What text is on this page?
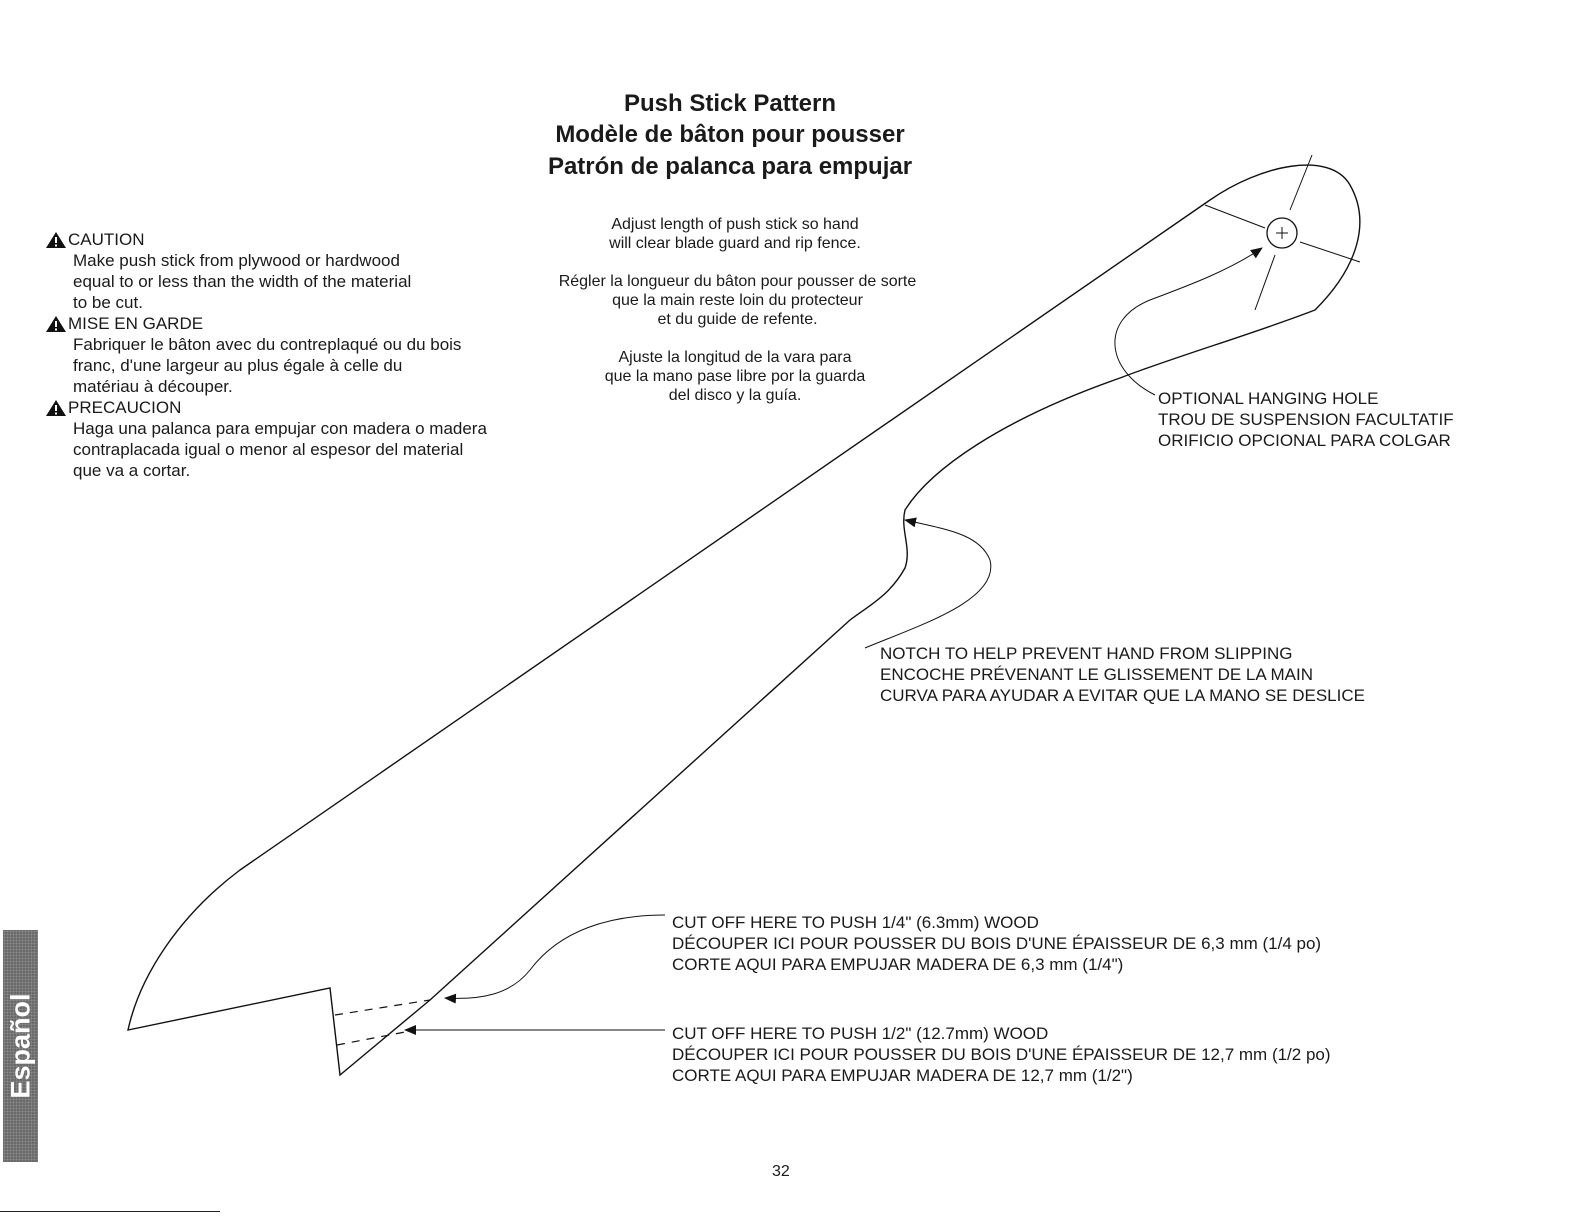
Push Stick Pattern
Modèle de bâton pour pousser
Patrón de palanca para empujar
CAUTION
Make push stick from plywood or hardwood
equal to or less than the width of the material
to be cut.
MISE EN GARDE
Fabriquer le bâton avec du contreplaqué ou du bois
franc, d'une largeur au plus égale à celle du
matériau à découper.
PRECAUCION
Haga una palanca para empujar con madera o madera
contraplacada igual o menor al espesor del material
que va a cortar.
Adjust length of push stick so hand
will clear blade guard and rip fence.
Régler la longueur du bâton pour pousser de sorte
que la main reste loin du protecteur
et du guide de refente.
Ajuste la longitud de la vara para
que la mano pase libre por la guarda
del disco y la guía.	OPTIONAL HANGING HOLE
TROU DE SUSPENSION FACULTATIF
ORIFICIO OPCIONAL PARA COLGAR
NOTCH TO HELP PREVENT HAND FROM SLIPPING
ENCOCHE PRÉVENANT LE GLISSEMENT DE LA MAIN
CURVA PARA AYUDAR A EVITAR QUE LA MANO SE DESLICE
CUT OFF HERE TO PUSH 1/4" (6.3mm) WOOD
DÉCOUPER ICI POUR POUSSER DU BOIS D'UNE ÉPAISSEUR DE 6,3 mm (1/4 po)
CORTE AQUI PARA EMPUJAR MADERA DE 6,3 mm (1/4")
CUT OFF HERE TO PUSH 1/2" (12.7mm) WOOD
DÉCOUPER ICI POUR POUSSER DU BOIS D'UNE ÉPAISSEUR DE 12,7 mm (1/2 po)
CORTE AQUI PARA EMPUJAR MADERA DE 12,7 mm (1/2")
Español
32
